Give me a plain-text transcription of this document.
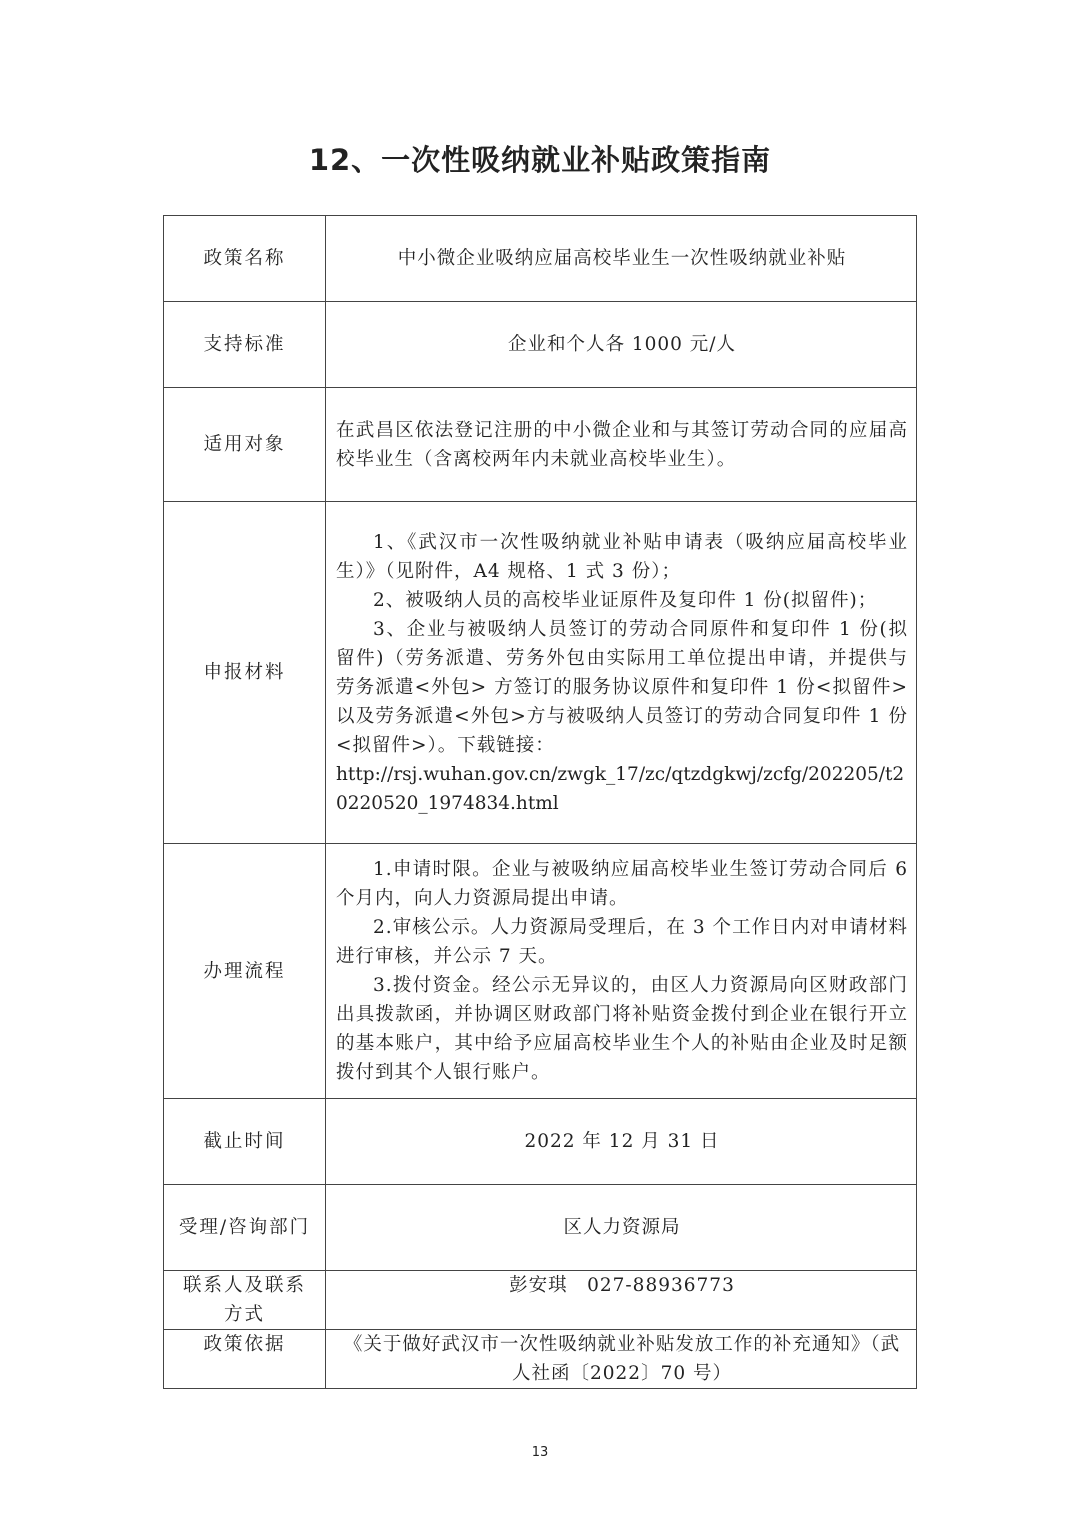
12、一次性吸纳就业补贴政策指南
政策名称	中小微企业吸纳应届高校毕业生一次性吸纳就业补贴
支持标准	企业和个人各 1000 元/人
适用对象	在武昌区依法登记注册的中小微企业和与其签订劳动合同的应届高校毕业生（含离校两年内未就业高校毕业生）。
申报材料	1、《武汉市一次性吸纳就业补贴申请表（吸纳应届高校毕业生）》（见附件，A4 规格、1 式 3 份）；

2、被吸纳人员的高校毕业证原件及复印件 1 份(拟留件)；

3、企业与被吸纳人员签订的劳动合同原件和复印件 1 份(拟留件)（劳务派遣、劳务外包由实际用工单位提出申请，并提供与劳务派遣<外包> 方签订的服务协议原件和复印件 1 份<拟留件> 以及劳务派遣<外包>方与被吸纳人员签订的劳动合同复印件 1 份<拟留件>）。下载链接：

http://rsj.wuhan.gov.cn/zwgk_17/zc/qtzdgkwj/zcfg/202205/t20220520_1974834.html

办理流程	1.申请时限。企业与被吸纳应届高校毕业生签订劳动合同后 6 个月内，向人力资源局提出申请。

2.审核公示。人力资源局受理后，在 3 个工作日内对申请材料进行审核，并公示 7 天。

3.拨付资金。经公示无异议的，由区人力资源局向区财政部门出具拨款函，并协调区财政部门将补贴资金拨付到企业在银行开立的基本账户，其中给予应届高校毕业生个人的补贴由企业及时足额拨付到其个人银行账户。

截止时间	2022 年 12 月 31 日
受理/咨询部门	区人力资源局
联系人及联系方式	彭安琪　027-88936773
政策依据	《关于做好武汉市一次性吸纳就业补贴发放工作的补充通知》（武人社函〔2022〕70 号）
13
